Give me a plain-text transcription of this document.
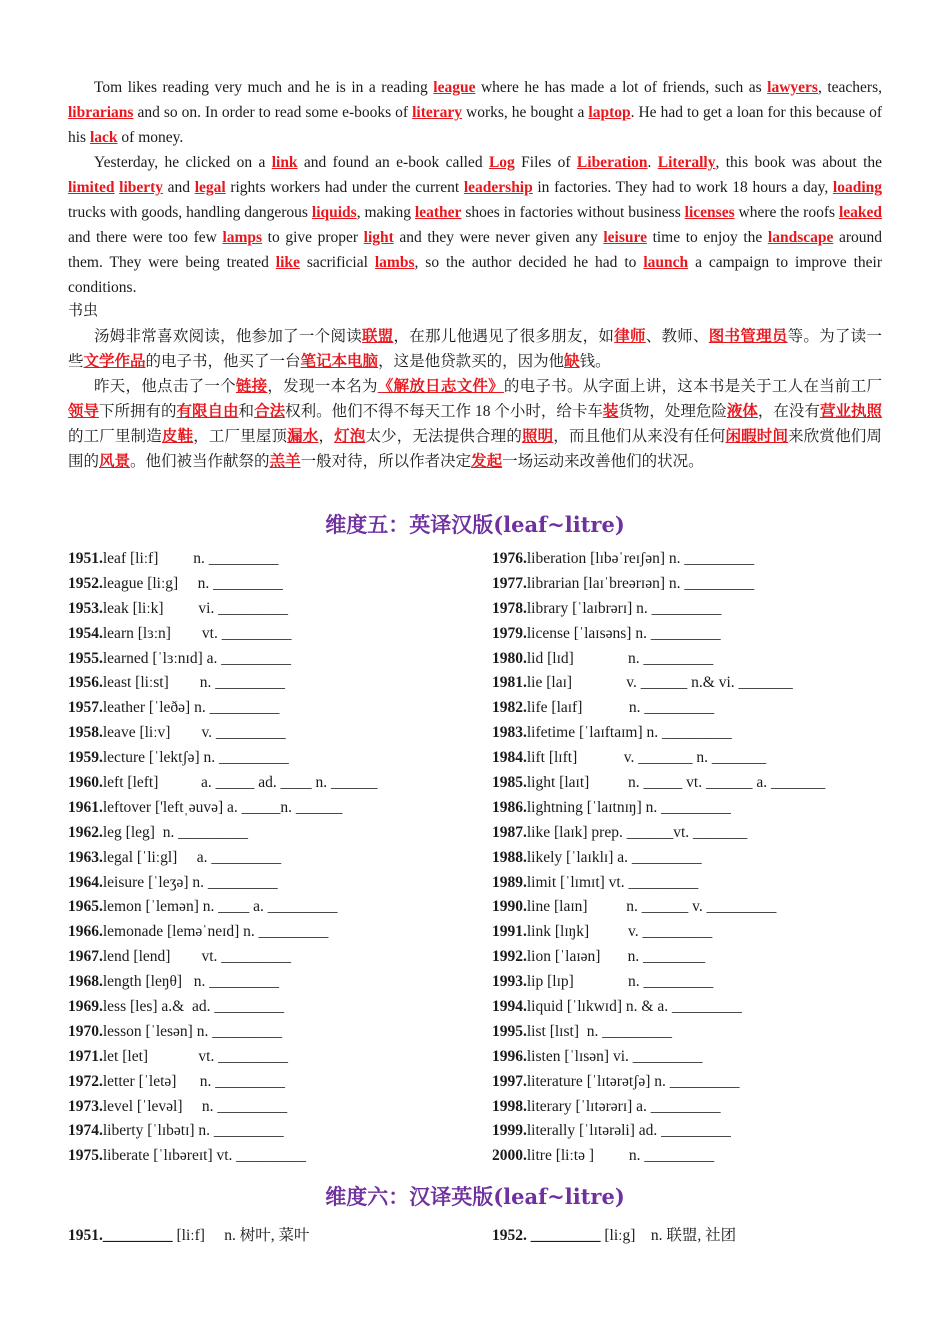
Tom likes reading very much and he is in a reading league where he has made a lot of friends, such as lawyers, teachers, librarians and so on. In order to read some e-books of literary works, he bought a laptop. He had to get a loan for this because of his lack of money.

Yesterday, he clicked on a link and found an e-book called Log Files of Liberation. Literally, this book was about the limited liberty and legal rights workers had under the current leadership in factories. They had to work 18 hours a day, loading trucks with goods, handling dangerous liquids, making leather shoes in factories without business licenses where the roofs leaked and there were too few lamps to give proper light and they were never given any leisure time to enjoy the landscape around them. They were being treated like sacrificial lambs, so the author decided he had to launch a campaign to improve their conditions.

书虫

汤姆非常喜欢阅读，他参加了一个阅读联盟，在那儿他遇见了很多朋友，如律师、教师、图书管理员等。为了读一些文学作品的电子书，他买了一台笔记本电脑，这是他贷款买的，因为他缺钱。

昨天，他点击了一个链接，发现一本名为《解放日志文件》的电子书。从字面上讲，这本书是关于工人在当前工厂领导下所拥有的有限自由和合法权利。他们不得不每天工作 18 个小时，给卡车装货物，处理危险液体，在没有营业执照的工厂里制造皮鞋，工厂里屋顶漏水，灯泡太少，无法提供合理的照明，而且他们从来没有任何闲暇时间来欣赏他们周围的风景。他们被当作献祭的羔羊一般对待，所以作者决定发起一场运动来改善他们的状况。

维度五：英译汉版(leaf~litre)
1951.leaf [liːf]         n. _________
1952.league [liːg]     n. _________
1953.leak [liːk]         vi. _________
1954.learn [lɜːn]        vt. _________
1955.learned [ˈlɜːnɪd] a. _________
1956.least [liːst]        n. _________
1957.leather [ˈleðə] n. _________
1958.leave [liːv]        v. _________
1959.lecture [ˈlektʃə] n. _________
1960.left [left]           a. _____ ad. ____ n. ______
1961.leftover ['leftˌəuvə] a. _____n. ______
1962.leg [leg]  n. _________
1963.legal [ˈliːgl]     a. _________
1964.leisure [ˈleʒə] n. _________
1965.lemon [ˈlemən] n. ____ a. _________
1966.lemonade [leməˈneɪd] n. _________
1967.lend [lend]        vt. _________
1968.length [leŋθ]   n. _________
1969.less [les] a.&  ad. _________
1970.lesson [ˈlesən] n. _________
1971.let [let]             vt. _________
1972.letter [ˈletə]      n. _________
1973.level [ˈlevəl]     n. _________
1974.liberty [ˈlɪbətɪ] n. _________
1975.liberate [ˈlɪbəreɪt] vt. _________
1976.liberation [lɪbəˈreɪʃən] n. _________
1977.librarian [laɪˈbreərɪən] n. _________
1978.library [ˈlaɪbrərɪ] n. _________
1979.license [ˈlaɪsəns] n. _________
1980.lid [lɪd]              n. _________
1981.lie [laɪ]              v. ______ n.& vi. _______
1982.life [laɪf]            n. _________
1983.lifetime [ˈlaɪftaɪm] n. _________
1984.lift [lɪft]            v. _______ n. _______
1985.light [laɪt]          n. _____ vt. ______ a. _______
1986.lightning [ˈlaɪtnɪŋ] n. _________
1987.like [laɪk] prep. ______vt. _______
1988.likely [ˈlaɪklɪ] a. _________
1989.limit [ˈlɪmɪt] vt. _________
1990.line [laɪn]          n. ______ v. _________
1991.link [lɪŋk]          v. _________
1992.lion [ˈlaɪən]       n. ________
1993.lip [lɪp]              n. _________
1994.liquid [ˈlɪkwɪd] n. & a. _________
1995.list [lɪst]  n. _________
1996.listen [ˈlɪsən] vi. _________
1997.literature [ˈlɪtərətʃə] n. _________
1998.literary [ˈlɪtərərɪ] a. _________
1999.literally [ˈlɪtərəli] ad. _________
2000.litre [liːtə ]         n. _________
维度六：汉译英版(leaf~litre)
1951._________ [liːf]     n. 树叶, 菜叶	1952. _________ [liːg]    n. 联盟, 社团
